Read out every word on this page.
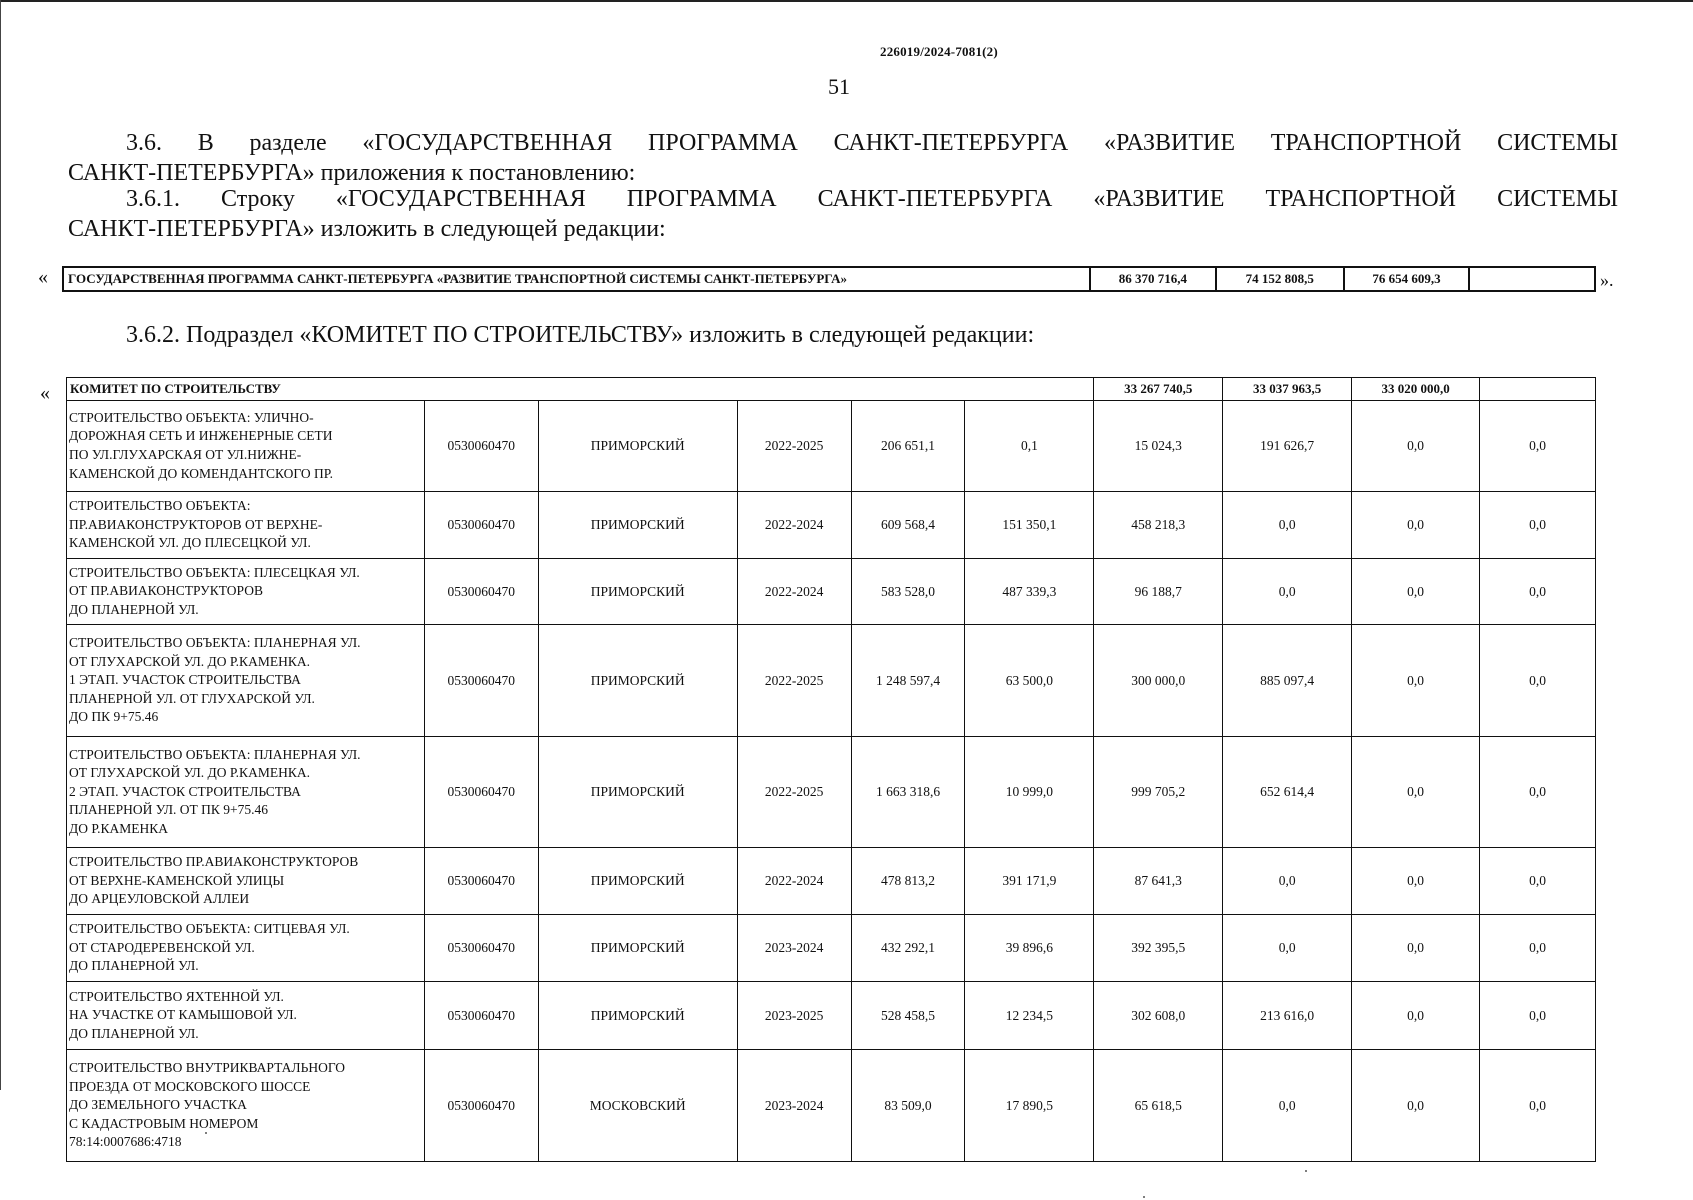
226019/2024-7081(2)
51
3.6. В разделе «ГОСУДАРСТВЕННАЯ ПРОГРАММА САНКТ-ПЕТЕРБУРГА «РАЗВИТИЕ ТРАНСПОРТНОЙ СИСТЕМЫ
САНКТ-ПЕТЕРБУРГА» приложения к постановлению:
3.6.1. Строку «ГОСУДАРСТВЕННАЯ ПРОГРАММА САНКТ-ПЕТЕРБУРГА «РАЗВИТИЕ ТРАНСПОРТНОЙ СИСТЕМЫ
САНКТ-ПЕТЕРБУРГА» изложить в следующей редакции:
« ГОСУДАРСТВЕННАЯ ПРОГРАММА САНКТ-ПЕТЕРБУРГА «РАЗВИТИЕ ТРАНСПОРТНОЙ СИСТЕМЫ САНКТ-ПЕТЕРБУРГА»	86 370 716,4	74 152 808,5	76 654 609,3		».
3.6.2. Подраздел «КОМИТЕТ ПО СТРОИТЕЛЬСТВУ» изложить в следующей редакции:
« КОМИТЕТ ПО СТРОИТЕЛЬСТВУ						33 267 740,5	33 037 963,5	33 020 000,0	
СТРОИТЕЛЬСТВО ОБЪЕКТА: УЛИЧНО-
ДОРОЖНАЯ СЕТЬ И ИНЖЕНЕРНЫЕ СЕТИ
ПО УЛ.ГЛУХАРСКАЯ ОТ УЛ.НИЖНЕ-
КАМЕНСКОЙ ДО КОМЕНДАНТСКОГО ПР.	0530060470	ПРИМОРСКИЙ	2022-2025	206 651,1	0,1	15 024,3	191 626,7	0,0	0,0
СТРОИТЕЛЬСТВО ОБЪЕКТА:
ПР.АВИАКОНСТРУКТОРОВ ОТ ВЕРХНЕ-
КАМЕНСКОЙ УЛ. ДО ПЛЕСЕЦКОЙ УЛ.	0530060470	ПРИМОРСКИЙ	2022-2024	609 568,4	151 350,1	458 218,3	0,0	0,0	0,0
СТРОИТЕЛЬСТВО ОБЪЕКТА: ПЛЕСЕЦКАЯ УЛ.
ОТ ПР.АВИАКОНСТРУКТОРОВ
ДО ПЛАНЕРНОЙ УЛ.	0530060470	ПРИМОРСКИЙ	2022-2024	583 528,0	487 339,3	96 188,7	0,0	0,0	0,0
СТРОИТЕЛЬСТВО ОБЪЕКТА: ПЛАНЕРНАЯ УЛ.
ОТ ГЛУХАРСКОЙ УЛ. ДО Р.КАМЕНКА.
1 ЭТАП. УЧАСТОК СТРОИТЕЛЬСТВА
ПЛАНЕРНОЙ УЛ. ОТ ГЛУХАРСКОЙ УЛ.
ДО ПК 9+75.46	0530060470	ПРИМОРСКИЙ	2022-2025	1 248 597,4	63 500,0	300 000,0	885 097,4	0,0	0,0
СТРОИТЕЛЬСТВО ОБЪЕКТА: ПЛАНЕРНАЯ УЛ.
ОТ ГЛУХАРСКОЙ УЛ. ДО Р.КАМЕНКА.
2 ЭТАП. УЧАСТОК СТРОИТЕЛЬСТВА
ПЛАНЕРНОЙ УЛ. ОТ ПК 9+75.46
ДО Р.КАМЕНКА	0530060470	ПРИМОРСКИЙ	2022-2025	1 663 318,6	10 999,0	999 705,2	652 614,4	0,0	0,0
СТРОИТЕЛЬСТВО ПР.АВИАКОНСТРУКТОРОВ
ОТ ВЕРХНЕ-КАМЕНСКОЙ УЛИЦЫ
ДО АРЦЕУЛОВСКОЙ АЛЛЕИ	0530060470	ПРИМОРСКИЙ	2022-2024	478 813,2	391 171,9	87 641,3	0,0	0,0	0,0
СТРОИТЕЛЬСТВО ОБЪЕКТА: СИТЦЕВАЯ УЛ.
ОТ СТАРОДЕРЕВЕНСКОЙ УЛ.
ДО ПЛАНЕРНОЙ УЛ.	0530060470	ПРИМОРСКИЙ	2023-2024	432 292,1	39 896,6	392 395,5	0,0	0,0	0,0
СТРОИТЕЛЬСТВО ЯХТЕННОЙ УЛ.
НА УЧАСТКЕ ОТ КАМЫШОВОЙ УЛ.
ДО ПЛАНЕРНОЙ УЛ.	0530060470	ПРИМОРСКИЙ	2023-2025	528 458,5	12 234,5	302 608,0	213 616,0	0,0	0,0
СТРОИТЕЛЬСТВО ВНУТРИКВАРТАЛЬНОГО
ПРОЕЗДА ОТ МОСКОВСКОГО ШОССЕ
ДО ЗЕМЕЛЬНОГО УЧАСТКА
С КАДАСТРОВЫМ НОМЕРОМ
78:14:0007686:4718	0530060470	МОСКОВСКИЙ	2023-2024	83 509,0	17 890,5	65 618,5	0,0	0,0	0,0
